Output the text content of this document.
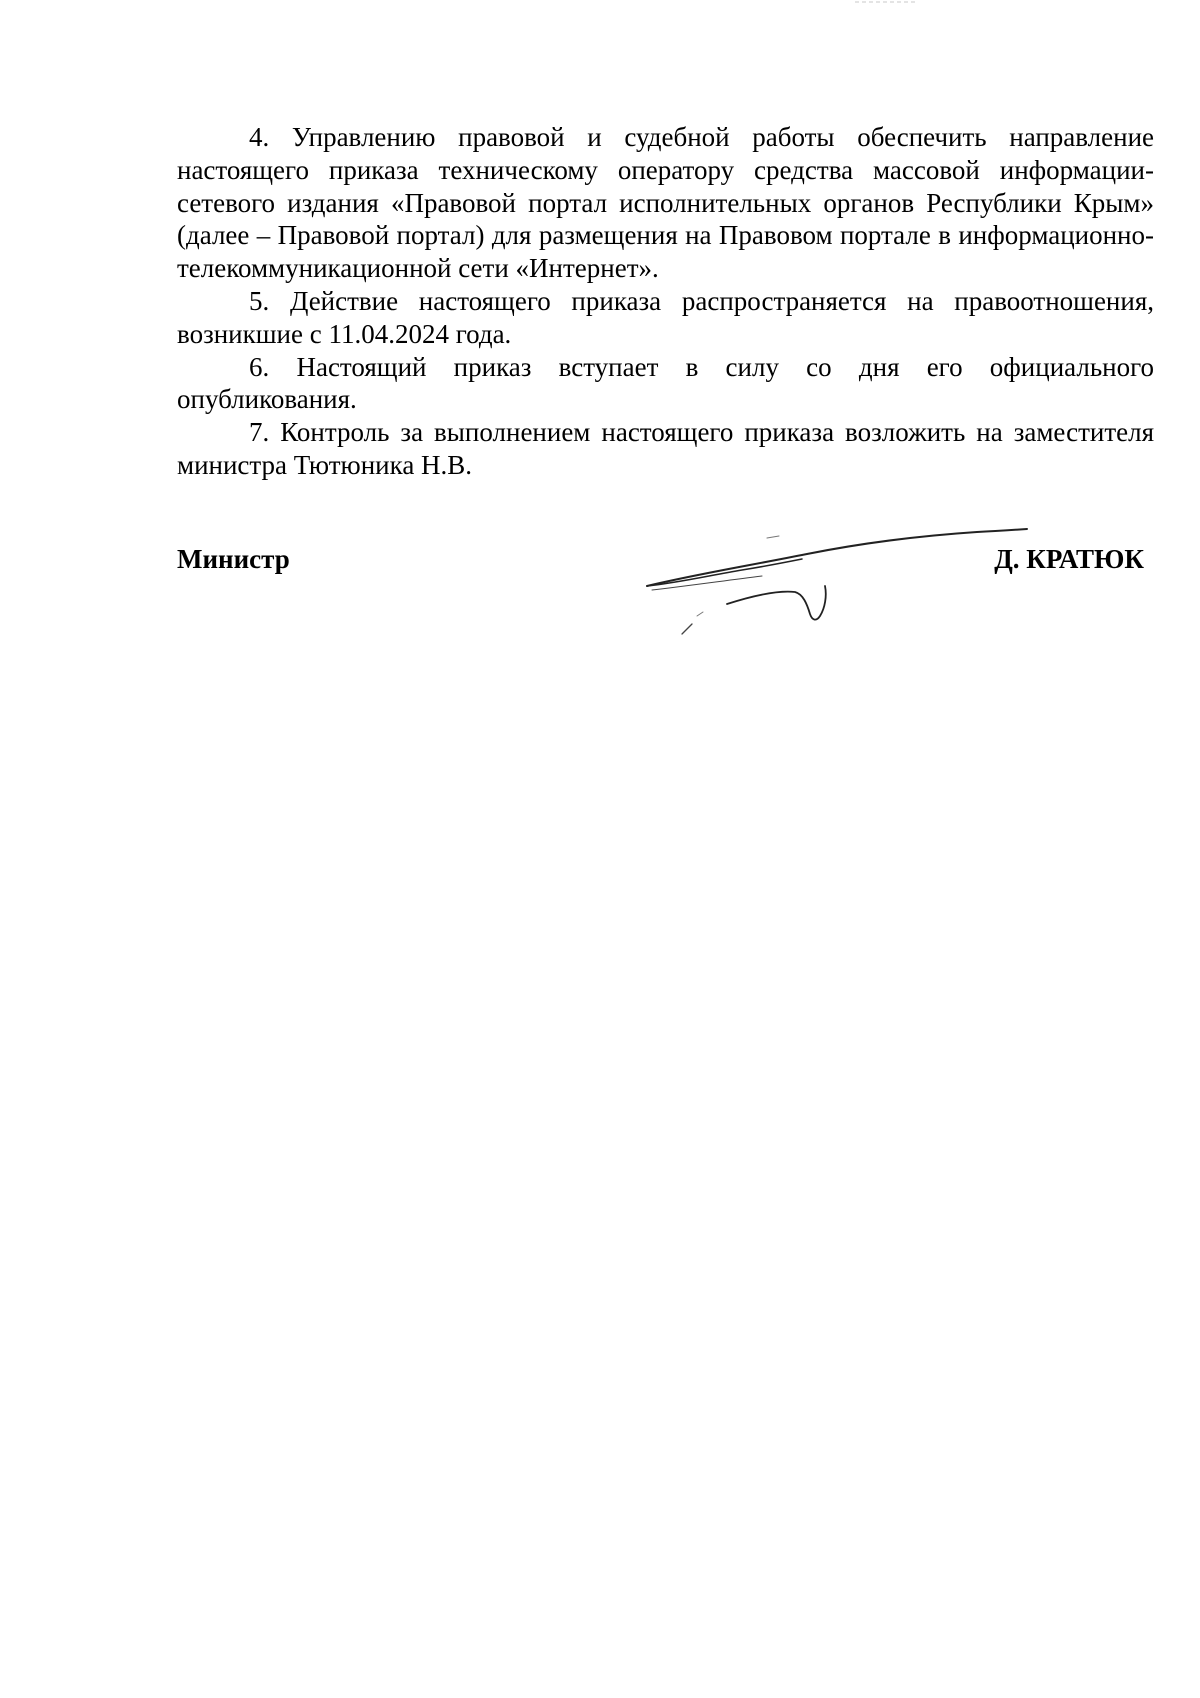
4. Управлению правовой и судебной работы обеспечить направление настоящего приказа техническому оператору средства массовой информации-сетевого издания «Правовой портал исполнительных органов Республики Крым» (далее – Правовой портал) для размещения на Правовом портале в информационно-телекоммуникационной сети «Интернет».

5. Действие настоящего приказа распространяется на правоотношения, возникшие с 11.04.2024 года.

6. Настоящий приказ вступает в силу со дня его официального опубликования.

7. Контроль за выполнением настоящего приказа возложить на заместителя министра Тютюника Н.В.

Министр	Д. КРАТЮК
